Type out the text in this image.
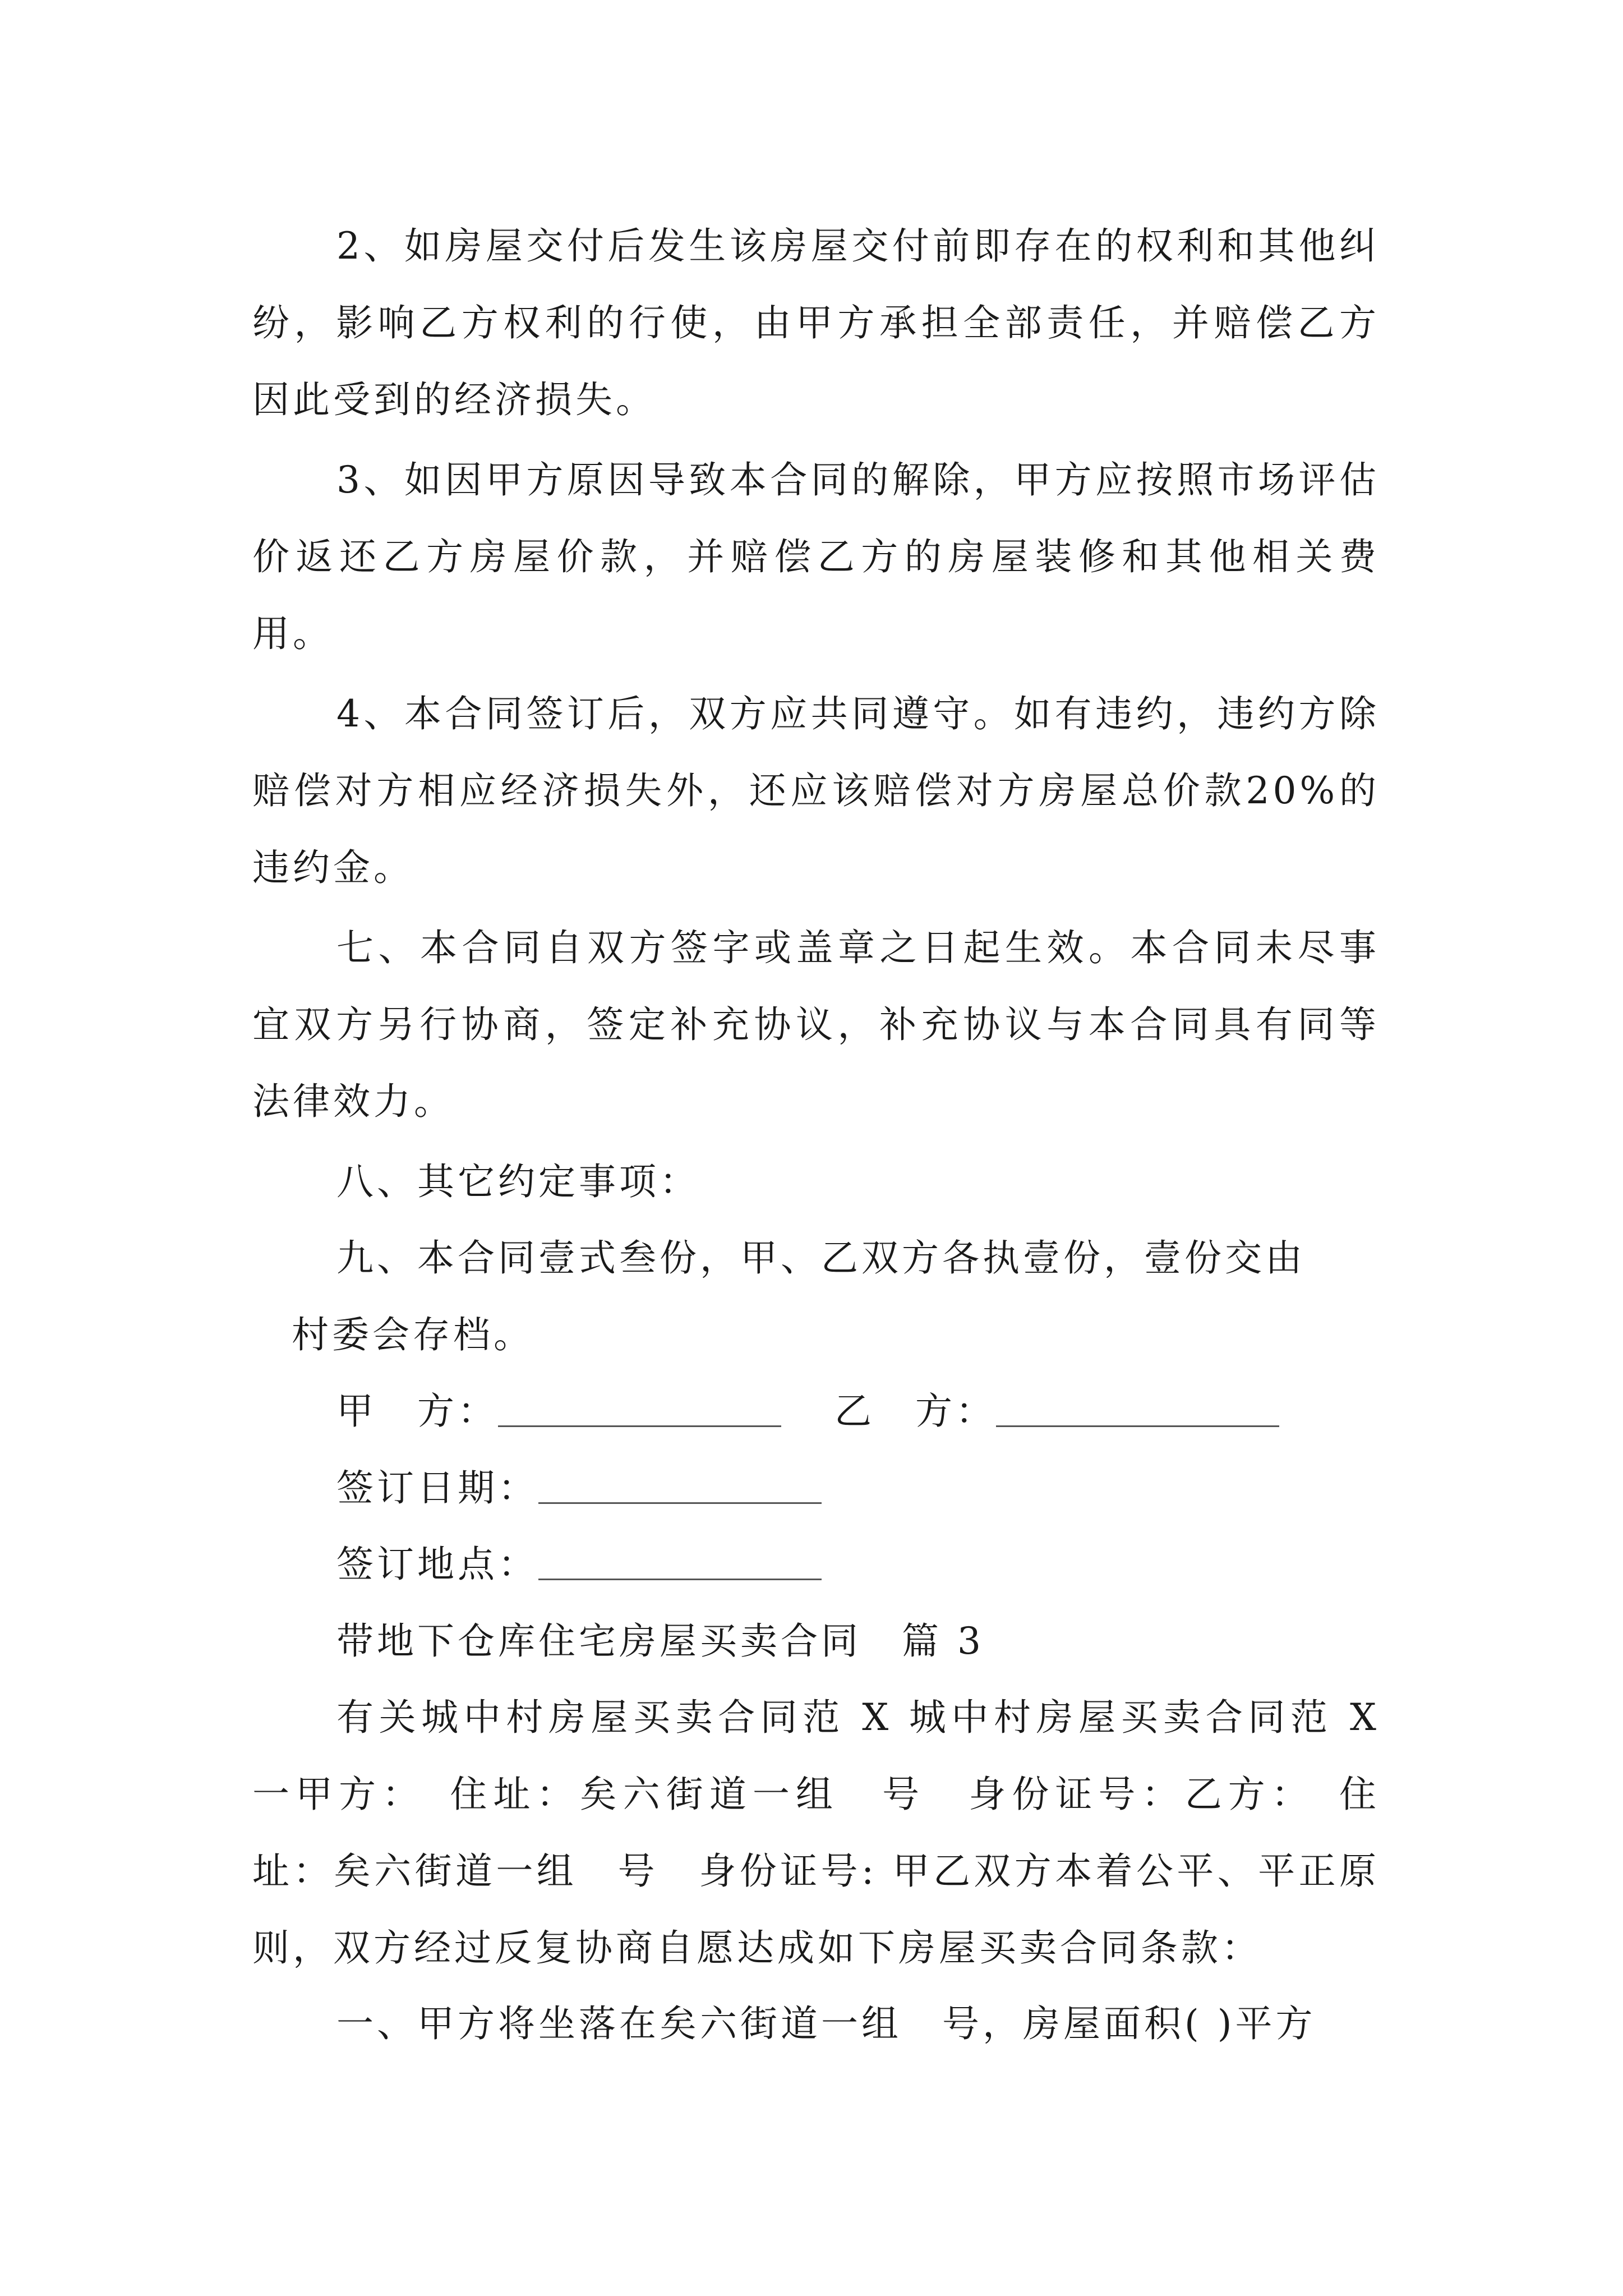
2、如房屋交付后发生该房屋交付前即存在的权利和其他纠纷，影响乙方权利的行使，由甲方承担全部责任，并赔偿乙方因此受到的经济损失。

3、如因甲方原因导致本合同的解除，甲方应按照市场评估价返还乙方房屋价款，并赔偿乙方的房屋装修和其他相关费用。

4、本合同签订后，双方应共同遵守。如有违约，违约方除赔偿对方相应经济损失外，还应该赔偿对方房屋总价款20%的违约金。

七、本合同自双方签字或盖章之日起生效。本合同未尽事宜双方另行协商，签定补充协议，补充协议与本合同具有同等法律效力。

八、其它约定事项：

九、本合同壹式叁份，甲、乙双方各执壹份，壹份交由

村委会存档。

甲　方：	乙　方：
签订日期：
签订地点：

带地下仓库住宅房屋买卖合同　篇 3

有关城中村房屋买卖合同范 X 城中村房屋买卖合同范 X 一甲方：　住址：矣六街道一组　号　身份证号：乙方：　住址：矣六街道一组　号　身份证号: 甲乙双方本着公平、平正原则，双方经过反复协商自愿达成如下房屋买卖合同条款：

一、甲方将坐落在矣六街道一组　号，房屋面积( )平方
